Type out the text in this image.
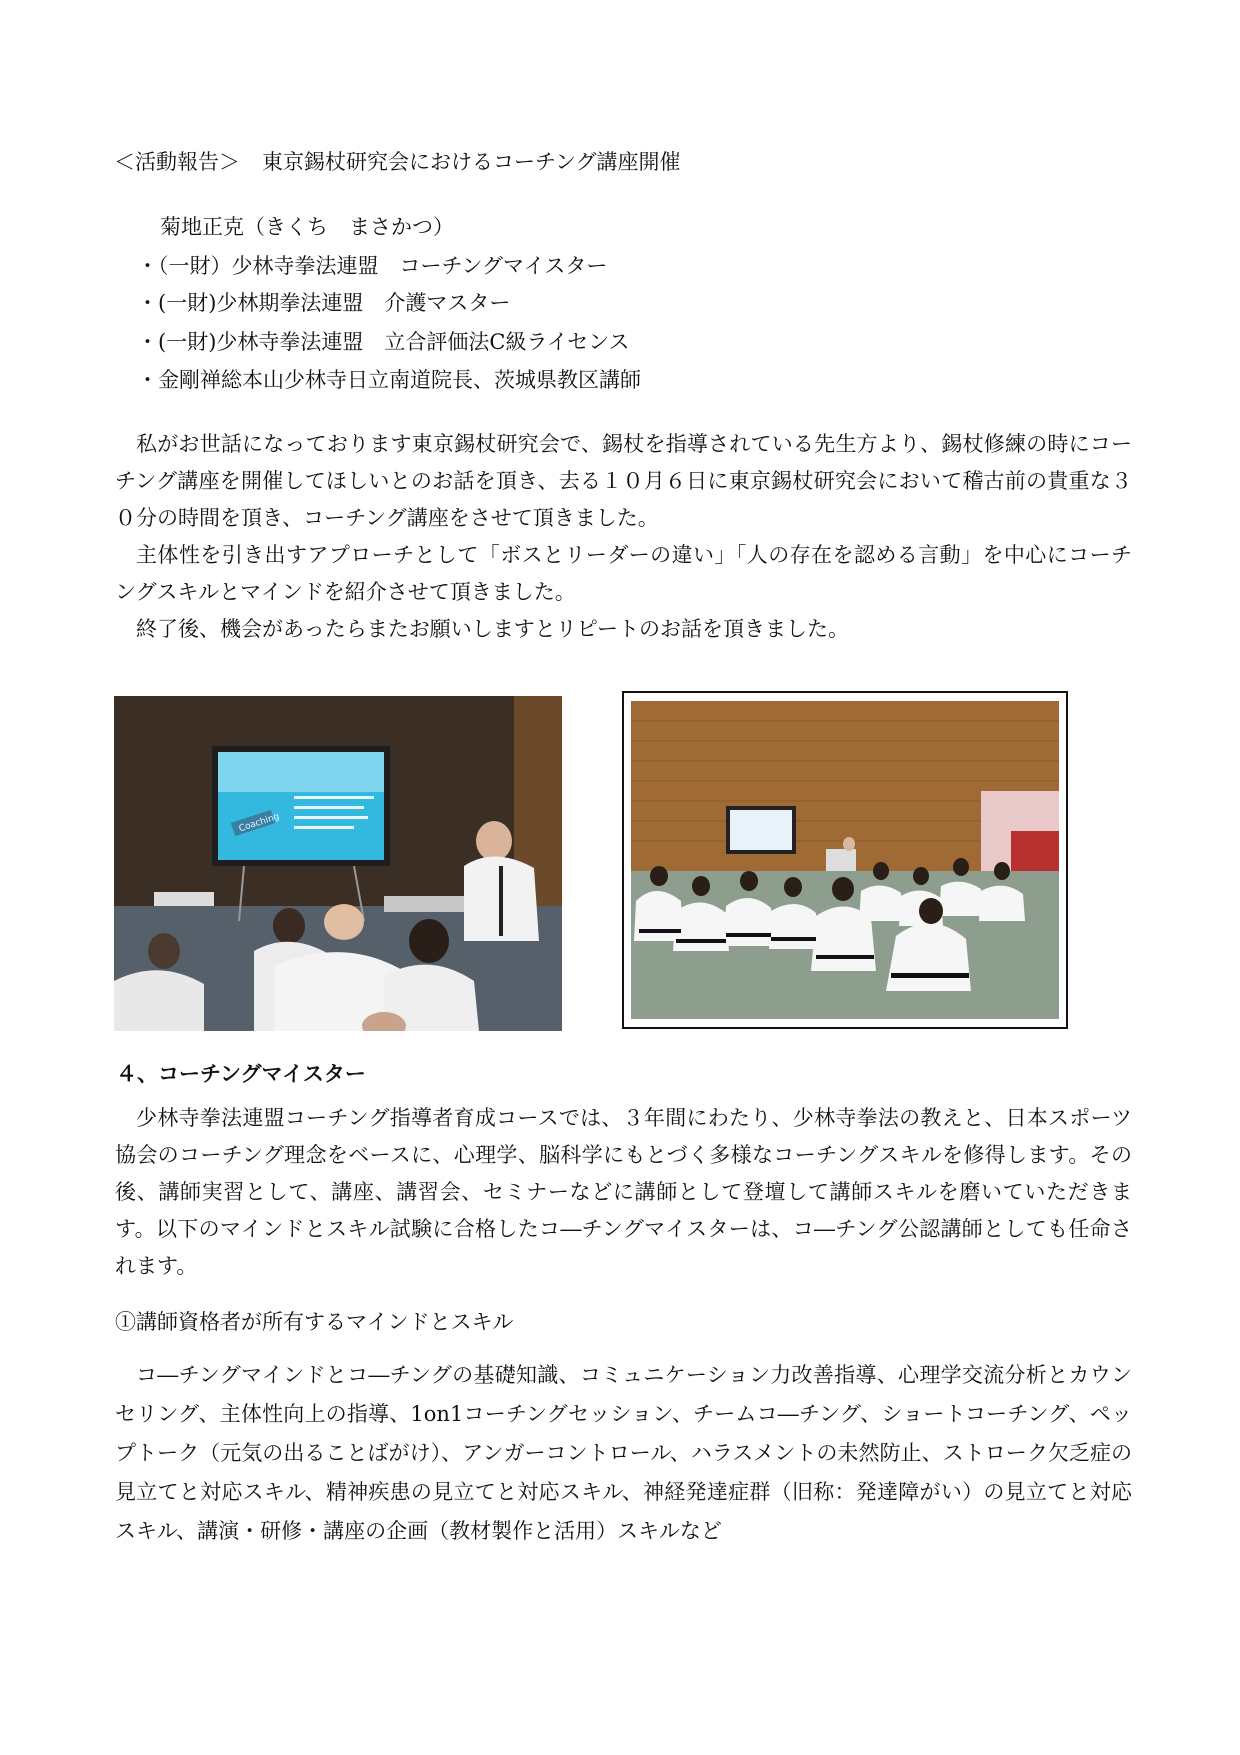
＜活動報告＞ 東京錫杖研究会におけるコーチング講座開催
菊地正克（きくち　まさかつ）
・（一財）少林寺拳法連盟　コーチングマイスター
・(一財)少林期拳法連盟　介護マスター
・(一財)少林寺拳法連盟　立合評価法C級ライセンス
・金剛禅総本山少林寺日立南道院長、茨城県教区講師

私がお世話になっております東京錫杖研究会で、錫杖を指導されている先生方より、錫杖修練の時にコーチング講座を開催してほしいとのお話を頂き、去る１０月６日に東京錫杖研究会において稽古前の貴重な３０分の時間を頂き、コーチング講座をさせて頂きました。

主体性を引き出すアプローチとして「ボスとリーダーの違い」「人の存在を認める言動」を中心にコーチングスキルとマインドを紹介させて頂きました。

終了後、機会があったらまたお願いしますとリピートのお話を頂きました。

Coaching
４、コーチングマイスター

少林寺拳法連盟コーチング指導者育成コースでは、３年間にわたり、少林寺拳法の教えと、日本スポーツ協会のコーチング理念をベースに、心理学、脳科学にもとづく多様なコーチングスキルを修得します。その後、講師実習として、講座、講習会、セミナーなどに講師として登壇して講師スキルを磨いていただきます。以下のマインドとスキル試験に合格したコ―チングマイスターは、コ―チング公認講師としても任命されます。

①講師資格者が所有するマインドとスキル

コ―チングマインドとコ―チングの基礎知識、コミュニケーション力改善指導、心理学交流分析とカウンセリング、主体性向上の指導、1on1コーチングセッション、チームコ―チング、ショートコーチング、ペップトーク（元気の出ることばがけ）、アンガーコントロール、ハラスメントの未然防止、ストローク欠乏症の見立てと対応スキル、精神疾患の見立てと対応スキル、神経発達症群（旧称：発達障がい）の見立てと対応スキル、講演・研修・講座の企画（教材製作と活用）スキルなど
